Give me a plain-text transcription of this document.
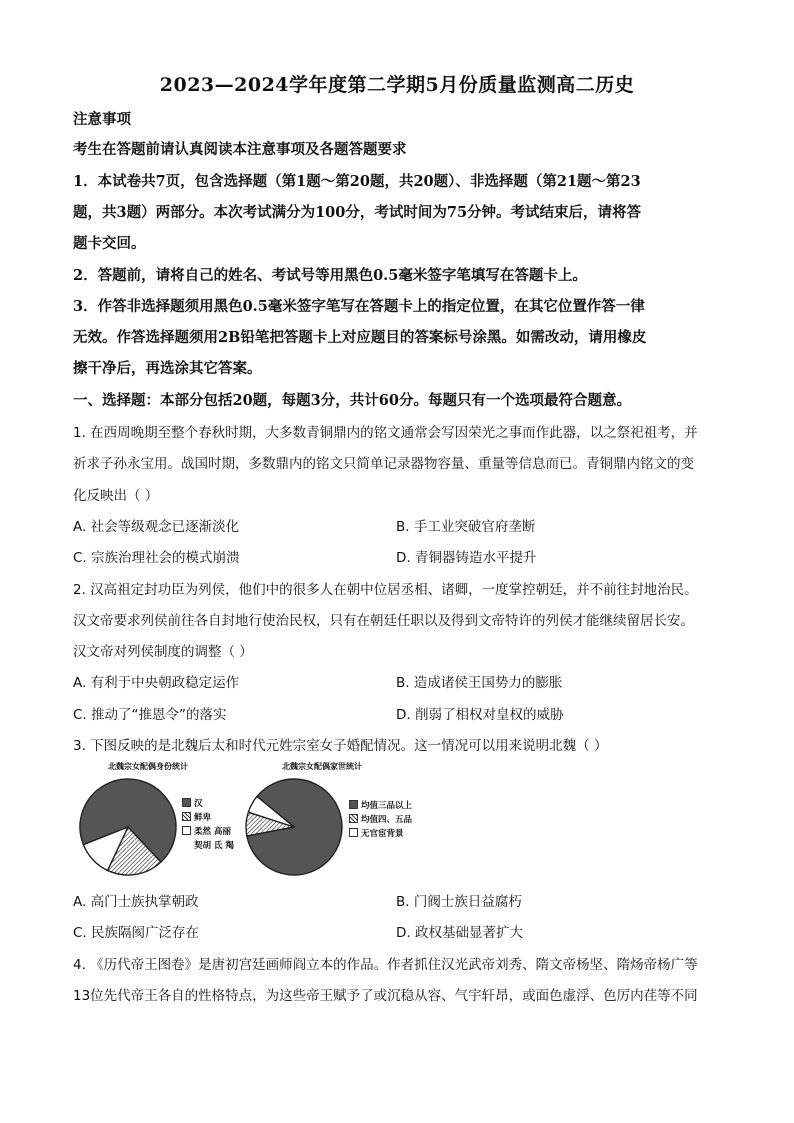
2023—2024学年度第二学期5月份质量监测高二历史
注意事项
考生在答题前请认真阅读本注意事项及各题答题要求
1．本试卷共7页，包含选择题（第1题～第20题，共20题）、非选择题（第21题～第23
题，共3题）两部分。本次考试满分为100分，考试时间为75分钟。考试结束后，请将答
题卡交回。
2．答题前，请将自己的姓名、考试号等用黑色0.5毫米签字笔填写在答题卡上。
3．作答非选择题须用黑色0.5毫米签字笔写在答题卡上的指定位置，在其它位置作答一律
无效。作答选择题须用2B铅笔把答题卡上对应题目的答案标号涂黑。如需改动，请用橡皮
擦干净后，再选涂其它答案。
一、选择题：本部分包括20题，每题3分，共计60分。每题只有一个选项最符合题意。
1. 在西周晚期至整个春秋时期，大多数青铜鼎内的铭文通常会写因荣光之事而作此器，以之祭祀祖考，并
祈求子孙永宝用。战国时期，多数鼎内的铭文只简单记录器物容量、重量等信息而已。青铜鼎内铭文的变
化反映出（ ）
A. 社会等级观念已逐渐淡化	B. 手工业突破官府垄断
C. 宗族治理社会的模式崩溃	D. 青铜器铸造水平提升
2. 汉高祖定封功臣为列侯，他们中的很多人在朝中位居丞相、诸卿，一度掌控朝廷，并不前往封地治民。
汉文帝要求列侯前往各自封地行使治民权，只有在朝廷任职以及得到文帝特许的列侯才能继续留居长安。
汉文帝对列侯制度的调整（ ）
A. 有利于中央朝政稳定运作	B. 造成诸侯王国势力的膨胀
C. 推动了“推恩令”的落实	D. 削弱了相权对皇权的威胁
3. 下图反映的是北魏后太和时代元姓宗室女子婚配情况。这一情况可以用来说明北魏（ ）
北魏宗女配偶身份统计
汉
鲜卑
柔然 高丽
契胡 氐 羯
北魏宗女配偶家世统计
均值三品以上
均值四、五品
无官宦背景
A. 高门士族执掌朝政	B. 门阀士族日益腐朽
C. 民族隔阂广泛存在	D. 政权基础显著扩大
4. 《历代帝王图卷》是唐初宫廷画师阎立本的作品。作者抓住汉光武帝刘秀、隋文帝杨坚、隋炀帝杨广等
13位先代帝王各自的性格特点，为这些帝王赋予了或沉稳从容、气宇轩昂，或面色虚浮、色厉内荏等不同
